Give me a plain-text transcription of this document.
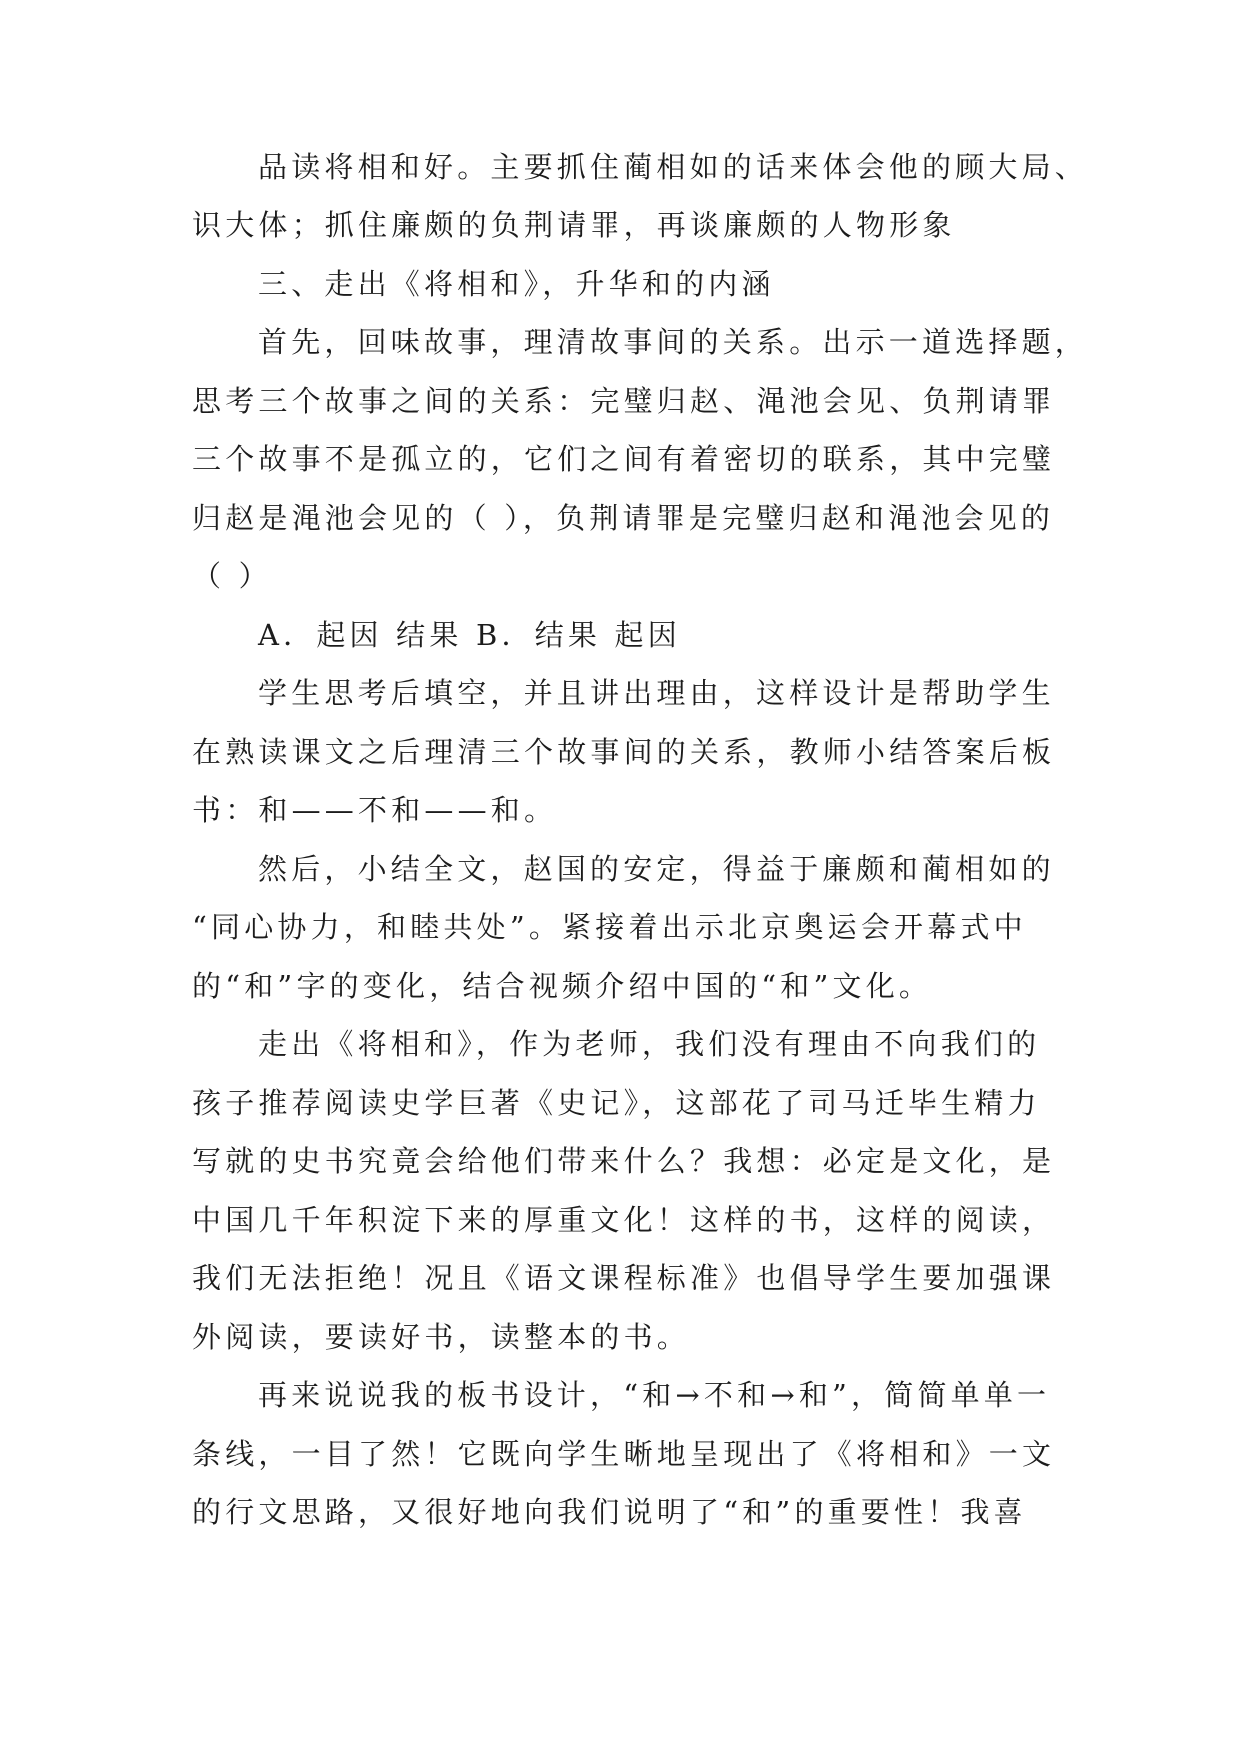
品读将相和好。主要抓住蔺相如的话来体会他的顾大局、
识大体；抓住廉颇的负荆请罪，再谈廉颇的人物形象
三、走出《将相和》，升华和的内涵
首先，回味故事，理清故事间的关系。出示一道选择题，
思考三个故事之间的关系：完璧归赵、渑池会见、负荆请罪
三个故事不是孤立的，它们之间有着密切的联系，其中完璧
归赵是渑池会见的（ ），负荆请罪是完璧归赵和渑池会见的
（ ）
A．起因 结果 B．结果 起因
学生思考后填空，并且讲出理由，这样设计是帮助学生
在熟读课文之后理清三个故事间的关系，教师小结答案后板
书：和——不和——和。
然后，小结全文，赵国的安定，得益于廉颇和蔺相如的
“同心协力，和睦共处”。紧接着出示北京奥运会开幕式中
的“和”字的变化，结合视频介绍中国的“和”文化。
走出《将相和》，作为老师，我们没有理由不向我们的
孩子推荐阅读史学巨著《史记》，这部花了司马迁毕生精力
写就的史书究竟会给他们带来什么？我想：必定是文化，是
中国几千年积淀下来的厚重文化！这样的书，这样的阅读，
我们无法拒绝！况且《语文课程标准》也倡导学生要加强课
外阅读，要读好书，读整本的书。
再来说说我的板书设计，“和→不和→和”，简简单单一
条线，一目了然！它既向学生晰地呈现出了《将相和》一文
的行文思路，又很好地向我们说明了“和”的重要性！我喜
